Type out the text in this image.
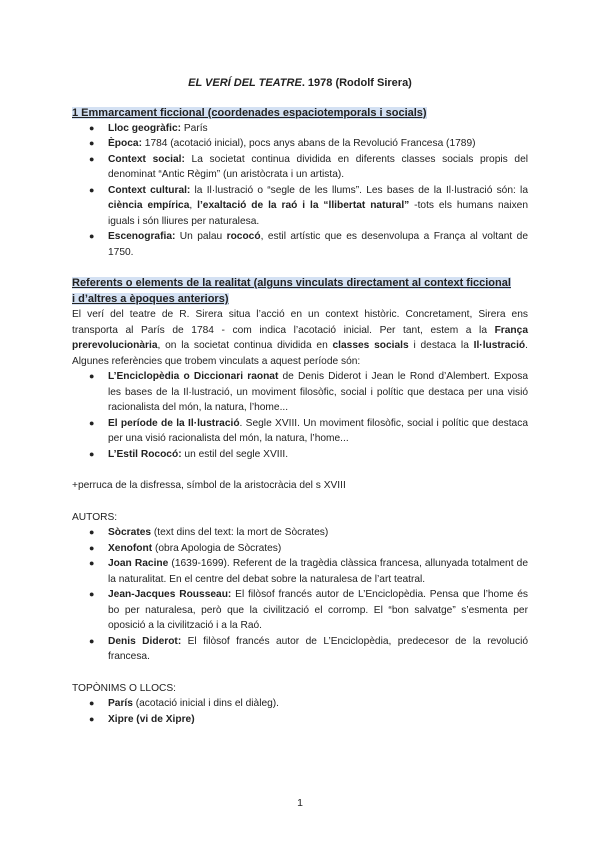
EL VERÍ DEL TEATRE. 1978 (Rodolf Sirera)
1 Emmarcament ficcional (coordenades espaciotemporals i socials)
● Lloc geogràfic: París
● Època: 1784 (acotació inicial), pocs anys abans de la Revolució Francesa (1789)
● Context social: La societat continua dividida en diferents classes socials propis del denominat “Antic Règim” (un aristòcrata i un artista).
● Context cultural: la Il·lustració o “segle de les llums”. Les bases de la Il·lustració són: la ciència empírica, l’exaltació de la raó i la “llibertat natural” -tots els humans naixen iguals i són lliures per naturalesa.
● Escenografia: Un palau rococó, estil artístic que es desenvolupa a França al voltant de 1750.
Referents o elements de la realitat (alguns vinculats directament al context ficcional
i d’altres a èpoques anteriors)

El verí del teatre de R. Sirera situa l’acció en un context històric. Concretament, Sirera ens transporta al París de 1784 - com indica l’acotació inicial. Per tant, estem a la França prerevolucionària, on la societat continua dividida en classes socials i destaca la Il·lustració. Algunes referències que trobem vinculats a aquest període són:

● L’Enciclopèdia o Diccionari raonat de Denis Diderot i Jean le Rond d’Alembert. Exposa les bases de la Il·lustració, un moviment filosòfic, social i polític que destaca per una visió racionalista del món, la natura, l’home...
● El període de la Il·lustració. Segle XVIII. Un moviment filosòfic, social i polític que destaca per una visió racionalista del món, la natura, l’home...
● L’Estil Rococó: un estil del segle XVIII.

+perruca de la disfressa, símbol de la aristocràcia del s XVIII

AUTORS:

● Sòcrates (text dins del text: la mort de Sòcrates)
● Xenofont (obra Apologia de Sòcrates)
● Joan Racine (1639-1699). Referent de la tragèdia clàssica francesa, allunyada totalment de la naturalitat. En el centre del debat sobre la naturalesa de l’art teatral.
● Jean-Jacques Rousseau: El filòsof francés autor de L’Enciclopèdia. Pensa que l’home és bo per naturalesa, però que la civilització el corromp. El “bon salvatge” s’esmenta per oposició a la civilització i a la Raó.
● Denis Diderot: El filòsof francés autor de L’Enciclopèdia, predecesor de la revolució francesa.

TOPÒNIMS O LLOCS:

● París (acotació inicial i dins el diàleg).
● Xipre (vi de Xipre)
1
